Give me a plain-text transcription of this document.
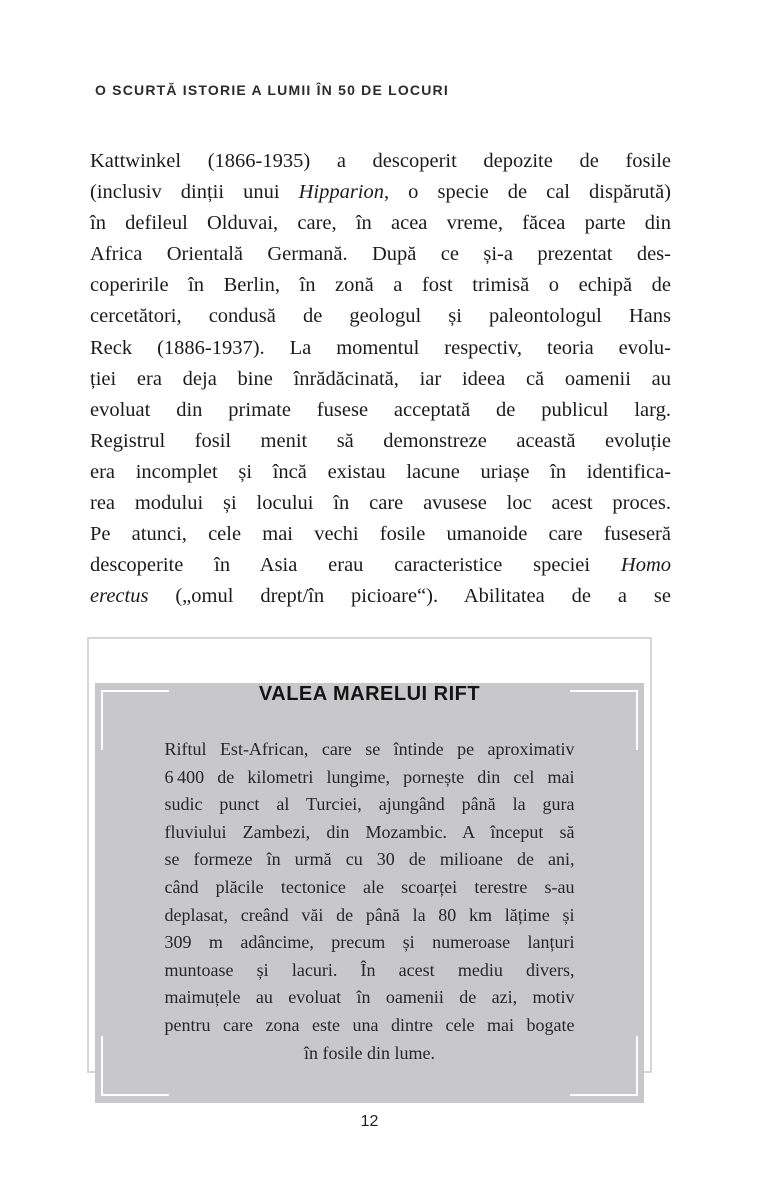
O SCURTĂ ISTORIE A LUMII ÎN 50 DE LOCURI
Kattwinkel (1866-1935) a descoperit depozite de fosile
(inclusiv dinții unui Hipparion, o specie de cal dispărută)
în defileul Olduvai, care, în acea vreme, făcea parte din
Africa Orientală Germană. După ce și-a prezentat des-
coperirile în Berlin, în zonă a fost trimisă o echipă de
cercetători, condusă de geologul și paleontologul Hans
Reck (1886-1937). La momentul respectiv, teoria evolu-
ției era deja bine înrădăcinată, iar ideea că oamenii au
evoluat din primate fusese acceptată de publicul larg.
Registrul fosil menit să demonstreze această evoluție
era incomplet și încă existau lacune uriașe în identifica-
rea modului și locului în care avusese loc acest proces.
Pe atunci, cele mai vechi fosile umanoide care fuseseră
descoperite în Asia erau caracteristice speciei Homo
erectus („omul drept/în picioare“). Abilitatea de a se
VALEA MARELUI RIFT
Riftul Est-African, care se întinde pe aproximativ
6 400 de kilometri lungime, pornește din cel mai
sudic punct al Turciei, ajungând până la gura
fluviului Zambezi, din Mozambic. A început să
se formeze în urmă cu 30 de milioane de ani,
când plăcile tectonice ale scoarței terestre s-au
deplasat, creând văi de până la 80 km lățime și
309 m adâncime, precum și numeroase lanțuri
muntoase și lacuri. În acest mediu divers,
maimuțele au evoluat în oamenii de azi, motiv
pentru care zona este una dintre cele mai bogate
în fosile din lume.
12
